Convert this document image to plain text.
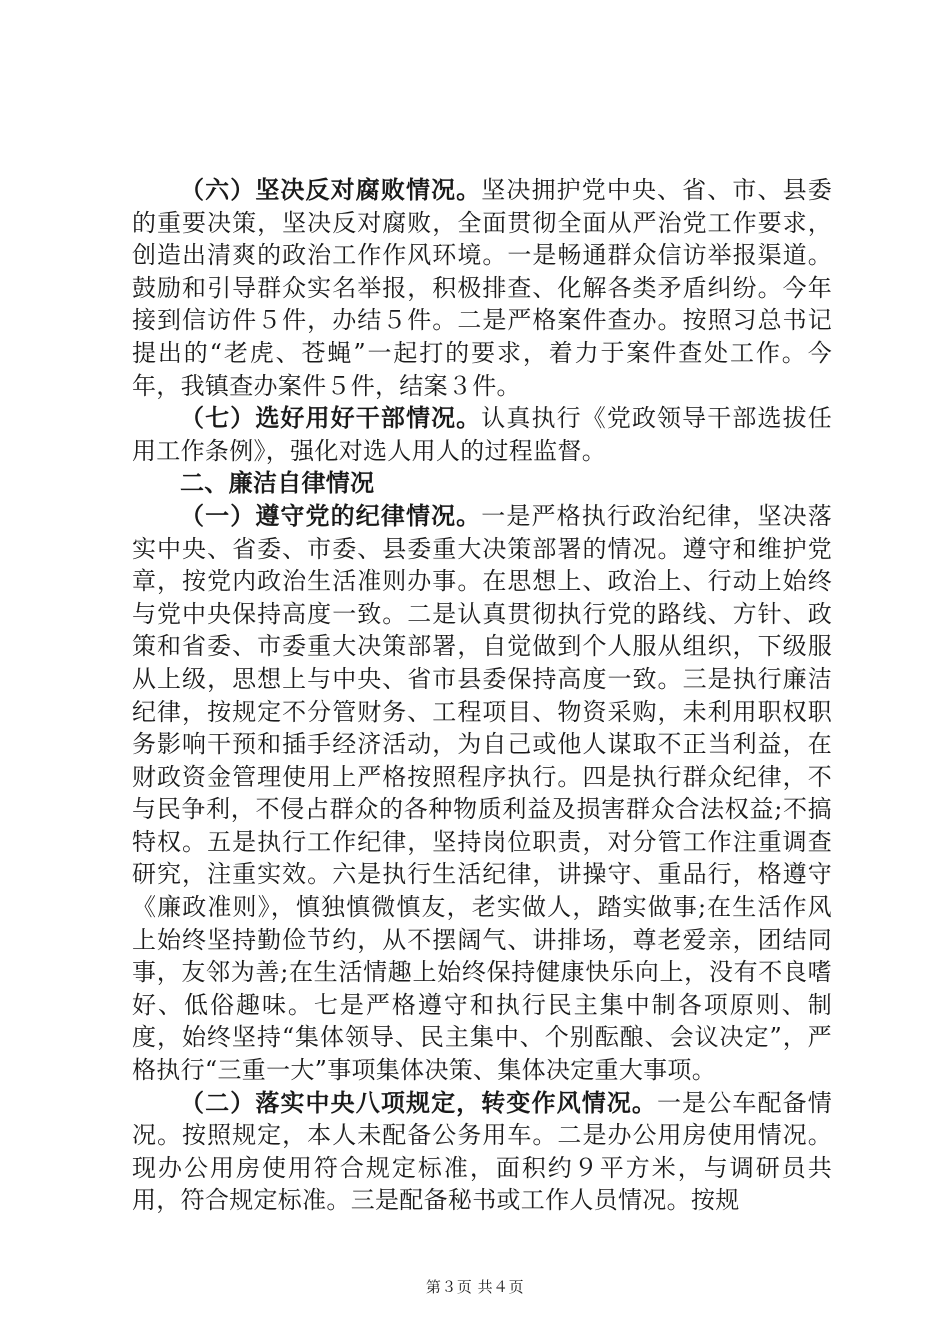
（六）坚决反对腐败情况。坚决拥护党中央、省、市、县委的重要决策，坚决反对腐败，全面贯彻全面从严治党工作要求，创造出清爽的政治工作作风环境。一是畅通群众信访举报渠道。鼓励和引导群众实名举报，积极排查、化解各类矛盾纠纷。今年接到信访件５件，办结５件。二是严格案件查办。按照习总书记提出的“老虎、苍蝇”一起打的要求，着力于案件查处工作。今年，我镇查办案件５件，结案３件。

（七）选好用好干部情况。认真执行《党政领导干部选拔任用工作条例》，强化对选人用人的过程监督。

二、廉洁自律情况

（一）遵守党的纪律情况。一是严格执行政治纪律，坚决落实中央、省委、市委、县委重大决策部署的情况。遵守和维护党章，按党内政治生活准则办事。在思想上、政治上、行动上始终与党中央保持高度一致。二是认真贯彻执行党的路线、方针、政策和省委、市委重大决策部署，自觉做到个人服从组织，下级服从上级，思想上与中央、省市县委保持高度一致。三是执行廉洁纪律，按规定不分管财务、工程项目、物资采购，未利用职权职务影响干预和插手经济活动，为自己或他人谋取不正当利益，在财政资金管理使用上严格按照程序执行。四是执行群众纪律，不与民争利，不侵占群众的各种物质利益及损害群众合法权益;不搞特权。五是执行工作纪律，坚持岗位职责，对分管工作注重调查研究，注重实效。六是执行生活纪律，讲操守、重品行，格遵守《廉政准则》，慎独慎微慎友，老实做人，踏实做事;在生活作风上始终坚持勤俭节约，从不摆阔气、讲排场，尊老爱亲，团结同事，友邻为善;在生活情趣上始终保持健康快乐向上，没有不良嗜好、低俗趣味。七是严格遵守和执行民主集中制各项原则、制度，始终坚持“集体领导、民主集中、个别酝酿、会议决定”，严格执行“三重一大”事项集体决策、集体决定重大事项。

（二）落实中央八项规定，转变作风情况。一是公车配备情况。按照规定，本人未配备公务用车。二是办公用房使用情况。现办公用房使用符合规定标准，面积约９平方米，与调研员共用，符合规定标准。三是配备秘书或工作人员情况。按规

第３页 共４页
